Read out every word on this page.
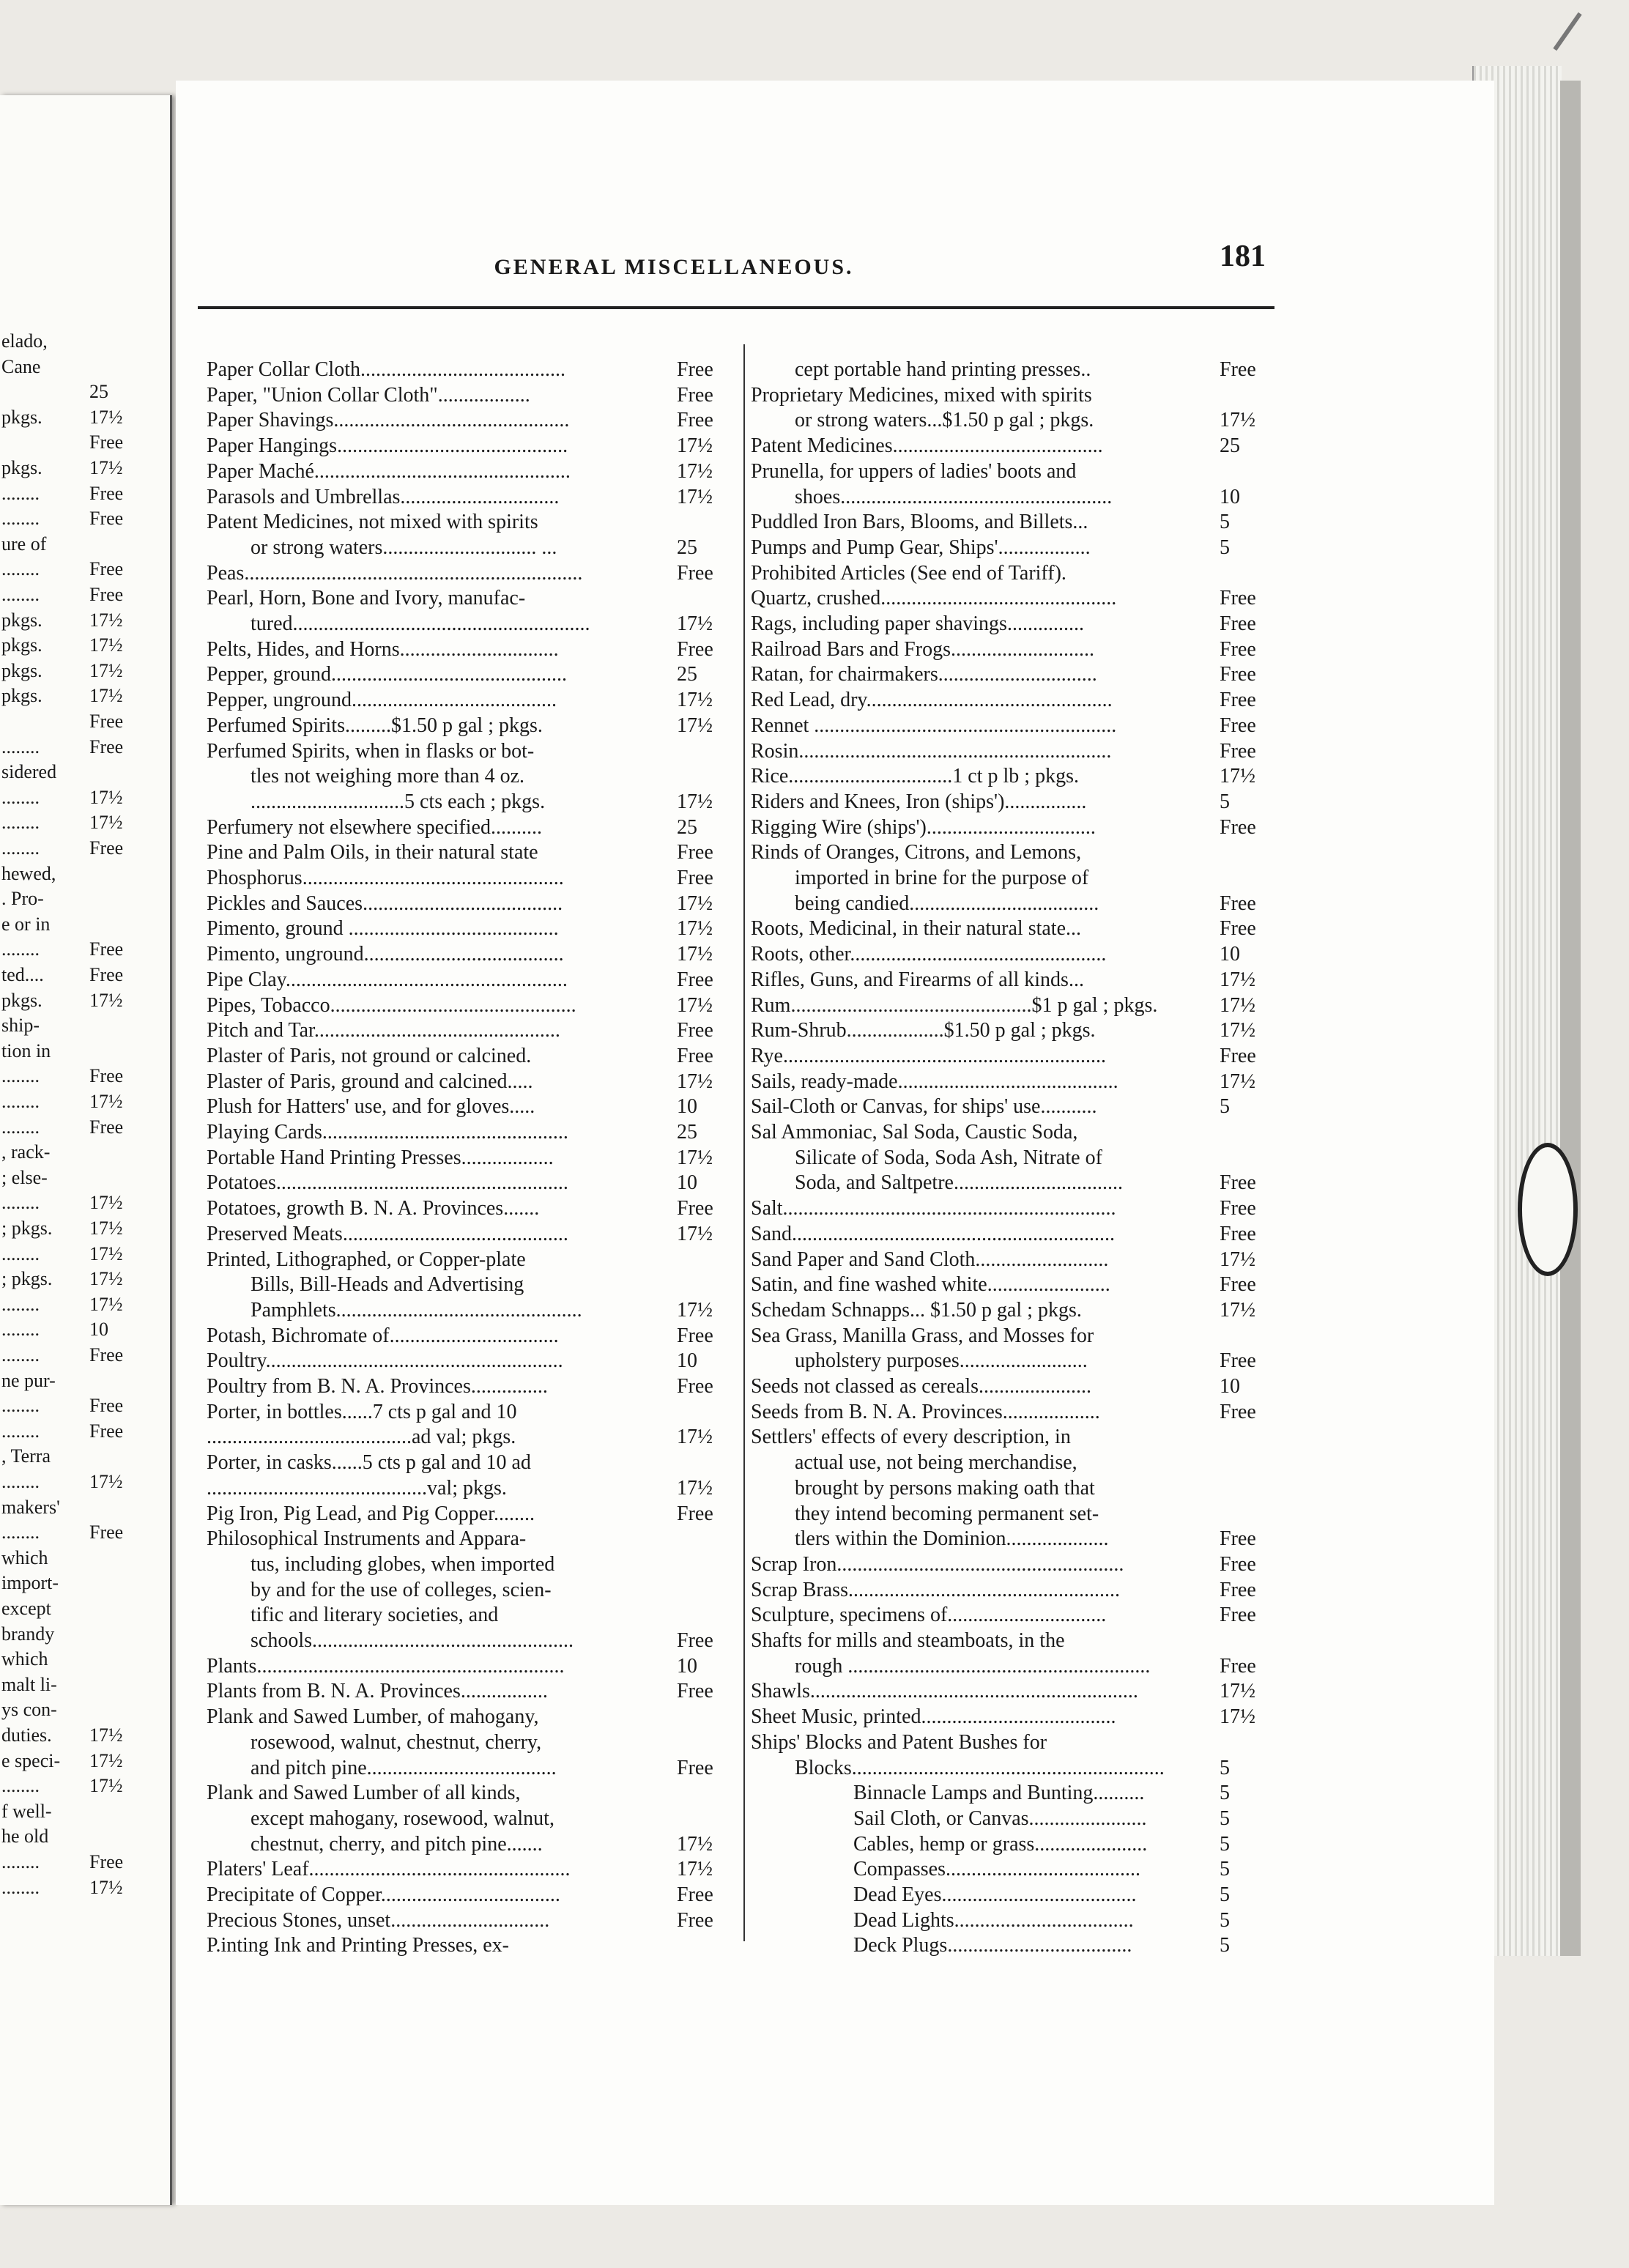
elado,
Cane
25
pkgs. 17½
Free
pkgs. 17½
........	Free
........	Free
ure of
........	Free
........	Free
pkgs. 17½
pkgs. 17½
pkgs. 17½
pkgs. 17½
Free
........	Free
sidered
........	17½
........	17½
........	Free
hewed,
. Pro-
e or in
........	Free
ted.... Free
pkgs. 17½
ship-
tion in
........	Free
........	17½
........	Free
, rack-
; else-
........	17½
; pkgs. 17½
........	17½
; pkgs. 17½
........	17½
........	10
........	Free
ne pur-
........	Free
........	Free
, Terra
........	17½
makers'
........	Free
which
import-
except
brandy
which
malt li-
ys con-
duties. 17½
e speci- 17½
........	17½
f well-
he old
........	Free
........	17½
GENERAL MISCELLANEOUS.	181
Paper Collar Cloth........................................	Free
Paper, "Union Collar Cloth"..................	Free
Paper Shavings..............................................	Free
Paper Hangings.............................................	17½
Paper Maché..................................................	17½
Parasols and Umbrellas...............................	17½
Patent Medicines, not mixed with spirits
or strong waters.............................. ...	25
Peas..................................................................	Free
Pearl, Horn, Bone and Ivory, manufac-
tured..........................................................	17½
Pelts, Hides, and Horns...............................	Free
Pepper, ground..............................................	25
Pepper, unground........................................	17½
Perfumed Spirits.........$1.50 p gal ; pkgs.	17½
Perfumed Spirits, when in flasks or bot-
tles not weighing more than 4 oz.
..............................5 cts each ; pkgs.	17½
Perfumery not elsewhere specified..........	25
Pine and Palm Oils, in their natural state	Free
Phosphorus...................................................	Free
Pickles and Sauces.......................................	17½
Pimento, ground .........................................	17½
Pimento, unground.......................................	17½
Pipe Clay.......................................................	Free
Pipes, Tobacco................................................	17½
Pitch and Tar................................................	Free
Plaster of Paris, not ground or calcined.	Free
Plaster of Paris, ground and calcined.....	17½
Plush for Hatters' use, and for gloves.....	10
Playing Cards................................................	25
Portable Hand Printing Presses..................	17½
Potatoes.........................................................	10
Potatoes, growth B. N. A. Provinces.......	Free
Preserved Meats............................................	17½
Printed, Lithographed, or Copper-plate
Bills, Bill-Heads and Advertising
Pamphlets................................................	17½
Potash, Bichromate of.................................	Free
Poultry..........................................................	10
Poultry from B. N. A. Provinces...............	Free
Porter, in bottles......7 cts p gal and 10
........................................ad val; pkgs.	17½
Porter, in casks......5 cts p gal and 10 ad
...........................................val; pkgs.	17½
Pig Iron, Pig Lead, and Pig Copper........	Free
Philosophical Instruments and Appara-
tus, including globes, when imported
by and for the use of colleges, scien-
tific and literary societies, and
schools...................................................	Free
Plants............................................................	10
Plants from B. N. A. Provinces.................	Free
Plank and Sawed Lumber, of mahogany,
rosewood, walnut, chestnut, cherry,
and pitch pine.....................................	Free
Plank and Sawed Lumber of all kinds,
except mahogany, rosewood, walnut,
chestnut, cherry, and pitch pine.......	17½
Platers' Leaf...................................................	17½
Precipitate of Copper...................................	Free
Precious Stones, unset...............................	Free
P.inting Ink and Printing Presses, ex-
cept portable hand printing presses..	Free
Proprietary Medicines, mixed with spirits
or strong waters...$1.50 p gal ; pkgs.	17½
Patent Medicines.........................................	25
Prunella, for uppers of ladies' boots and
shoes.....................................................	10
Puddled Iron Bars, Blooms, and Billets...	5
Pumps and Pump Gear, Ships'..................	5
Prohibited Articles (See end of Tariff).
Quartz, crushed..............................................	Free
Rags, including paper shavings...............	Free
Railroad Bars and Frogs............................	Free
Ratan, for chairmakers...............................	Free
Red Lead, dry................................................	Free
Rennet ...........................................................	Free
Rosin.............................................................	Free
Rice................................1 ct p lb ; pkgs.	17½
Riders and Knees, Iron (ships')................	5
Rigging Wire (ships').................................	Free
Rinds of Oranges, Citrons, and Lemons,
imported in brine for the purpose of
being candied.....................................	Free
Roots, Medicinal, in their natural state...	Free
Roots, other..................................................	10
Rifles, Guns, and Firearms of all kinds...	17½
Rum...............................................$1 p gal ; pkgs.	17½
Rum-Shrub...................$1.50 p gal ; pkgs.	17½
Rye...............................................................	Free
Sails, ready-made...........................................	17½
Sail-Cloth or Canvas, for ships' use...........	5
Sal Ammoniac, Sal Soda, Caustic Soda,
Silicate of Soda, Soda Ash, Nitrate of
Soda, and Saltpetre.................................	Free
Salt.................................................................	Free
Sand...............................................................	Free
Sand Paper and Sand Cloth..........................	17½
Satin, and fine washed white........................	Free
Schedam Schnapps... $1.50 p gal ; pkgs.	17½
Sea Grass, Manilla Grass, and Mosses for
upholstery purposes.........................	Free
Seeds not classed as cereals......................	10
Seeds from B. N. A. Provinces...................	Free
Settlers' effects of every description, in
actual use, not being merchandise,
brought by persons making oath that
they intend becoming permanent set-
tlers within the Dominion....................	Free
Scrap Iron........................................................	Free
Scrap Brass.....................................................	Free
Sculpture, specimens of...............................	Free
Shafts for mills and steamboats, in the
rough ...........................................................	Free
Shawls................................................................	17½
Sheet Music, printed......................................	17½
Ships' Blocks and Patent Bushes for
Blocks.............................................................	5
Binnacle Lamps and Bunting..........	5
Sail Cloth, or Canvas.......................	5
Cables, hemp or grass......................	5
Compasses......................................	5
Dead Eyes......................................	5
Dead Lights...................................	5
Deck Plugs....................................	5
